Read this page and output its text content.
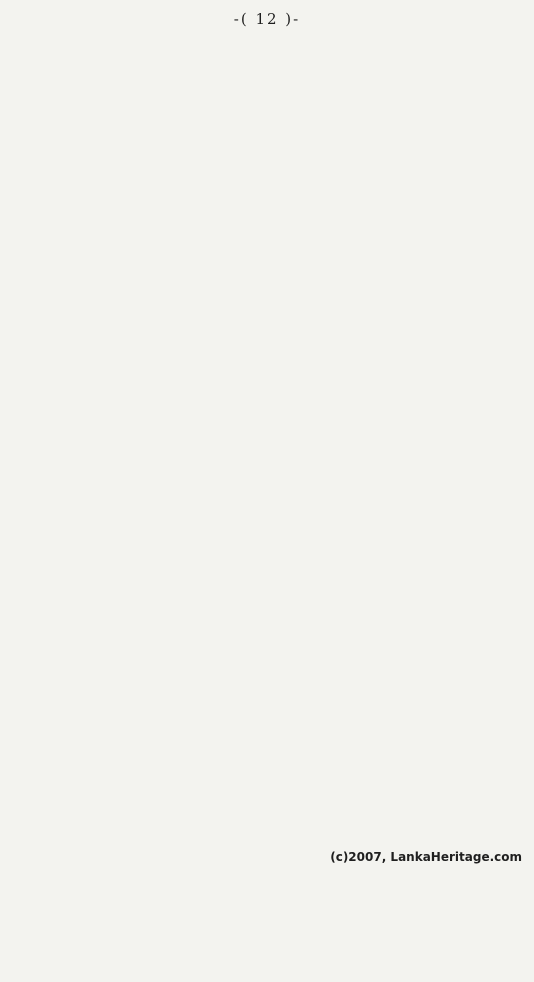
-( 12 )-
(c)2007, LankaHeritage.com
